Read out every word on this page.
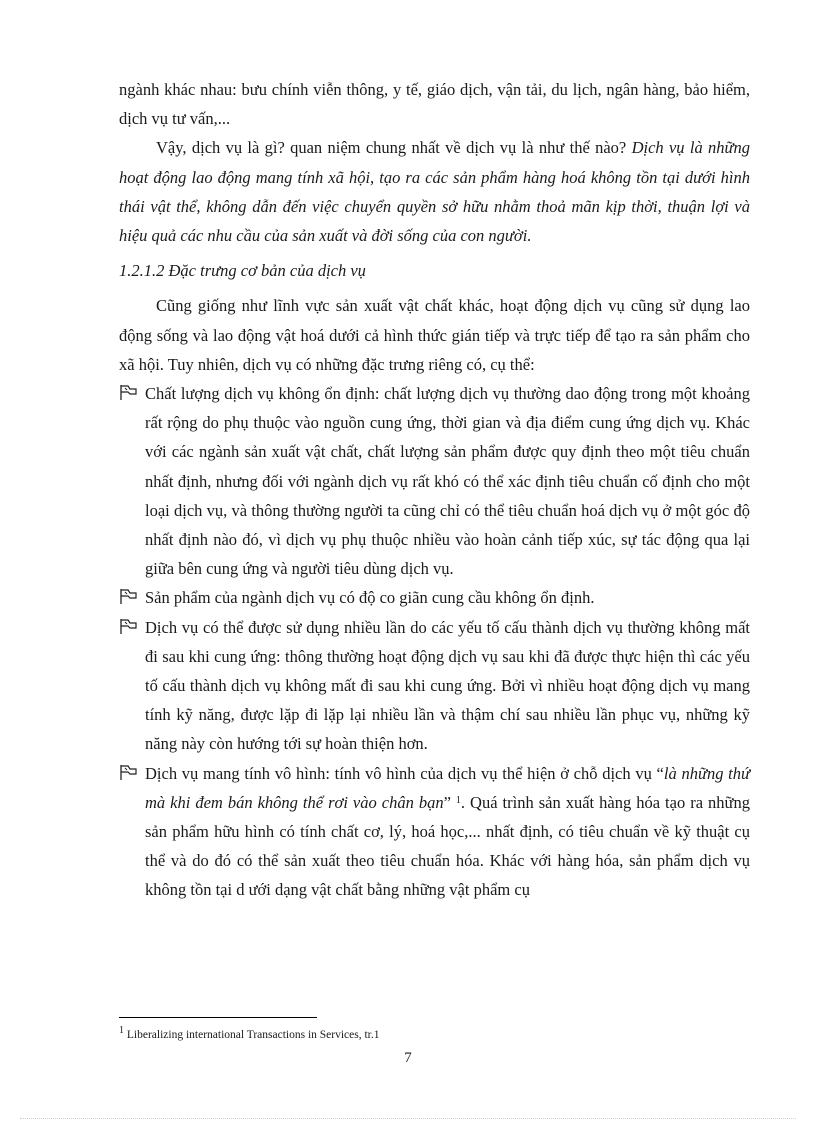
ngành khác nhau: bưu chính viễn thông, y tế, giáo dịch, vận tải, du lịch, ngân hàng, bảo hiểm, dịch vụ tư vấn,...

Vậy, dịch vụ là gì? quan niệm chung nhất về dịch vụ là như thế nào? Dịch vụ là những hoạt động lao động mang tính xã hội, tạo ra các sản phẩm hàng hoá không tồn tại dưới hình thái vật thể, không dẫn đến việc chuyển quyền sở hữu nhằm thoả mãn kịp thời, thuận lợi và hiệu quả các nhu cầu của sản xuất và đời sống của con người.

1.2.1.2 Đặc trưng cơ bản của dịch vụ

Cũng giống như lĩnh vực sản xuất vật chất khác, hoạt động dịch vụ cũng sử dụng lao động sống và lao động vật hoá dưới cả hình thức gián tiếp và trực tiếp để tạo ra sản phẩm cho xã hội. Tuy nhiên, dịch vụ có những đặc trưng riêng có, cụ thể:

Chất lượng dịch vụ không ổn định: chất lượng dịch vụ thường dao động trong một khoảng rất rộng do phụ thuộc vào nguồn cung ứng, thời gian và địa điểm cung ứng dịch vụ. Khác với các ngành sản xuất vật chất, chất lượng sản phẩm được quy định theo một tiêu chuẩn nhất định, nhưng đối với ngành dịch vụ rất khó có thể xác định tiêu chuẩn cố định cho một loại dịch vụ, và thông thường người ta cũng chỉ có thể tiêu chuẩn hoá dịch vụ ở một góc độ nhất định nào đó, vì dịch vụ phụ thuộc nhiều vào hoàn cảnh tiếp xúc, sự tác động qua lại giữa bên cung ứng và người tiêu dùng dịch vụ.

Sản phẩm của ngành dịch vụ có độ co giãn cung cầu không ổn định.

Dịch vụ có thể được sử dụng nhiều lần do các yếu tố cấu thành dịch vụ thường không mất đi sau khi cung ứng: thông thường hoạt động dịch vụ sau khi đã được thực hiện thì các yếu tố cấu thành dịch vụ không mất đi sau khi cung ứng. Bởi vì nhiều hoạt động dịch vụ mang tính kỹ năng, được lặp đi lặp lại nhiều lần và thậm chí sau nhiều lần phục vụ, những kỹ năng này còn hướng tới sự hoàn thiện hơn.

Dịch vụ mang tính vô hình: tính vô hình của dịch vụ thể hiện ở chỗ dịch vụ “là những thứ mà khi đem bán không thể rơi vào chân bạn” $^1$. Quá trình sản xuất hàng hóa tạo ra những sản phẩm hữu hình có tính chất cơ, lý, hoá học,... nhất định, có tiêu chuẩn về kỹ thuật cụ thể và do đó có thể sản xuất theo tiêu chuẩn hóa. Khác với hàng hóa, sản phẩm dịch vụ không tồn tại d ưới dạng vật chất bằng những vật phẩm cụ

$^1$ Liberalizing international Transactions in Services, tr.1
7
